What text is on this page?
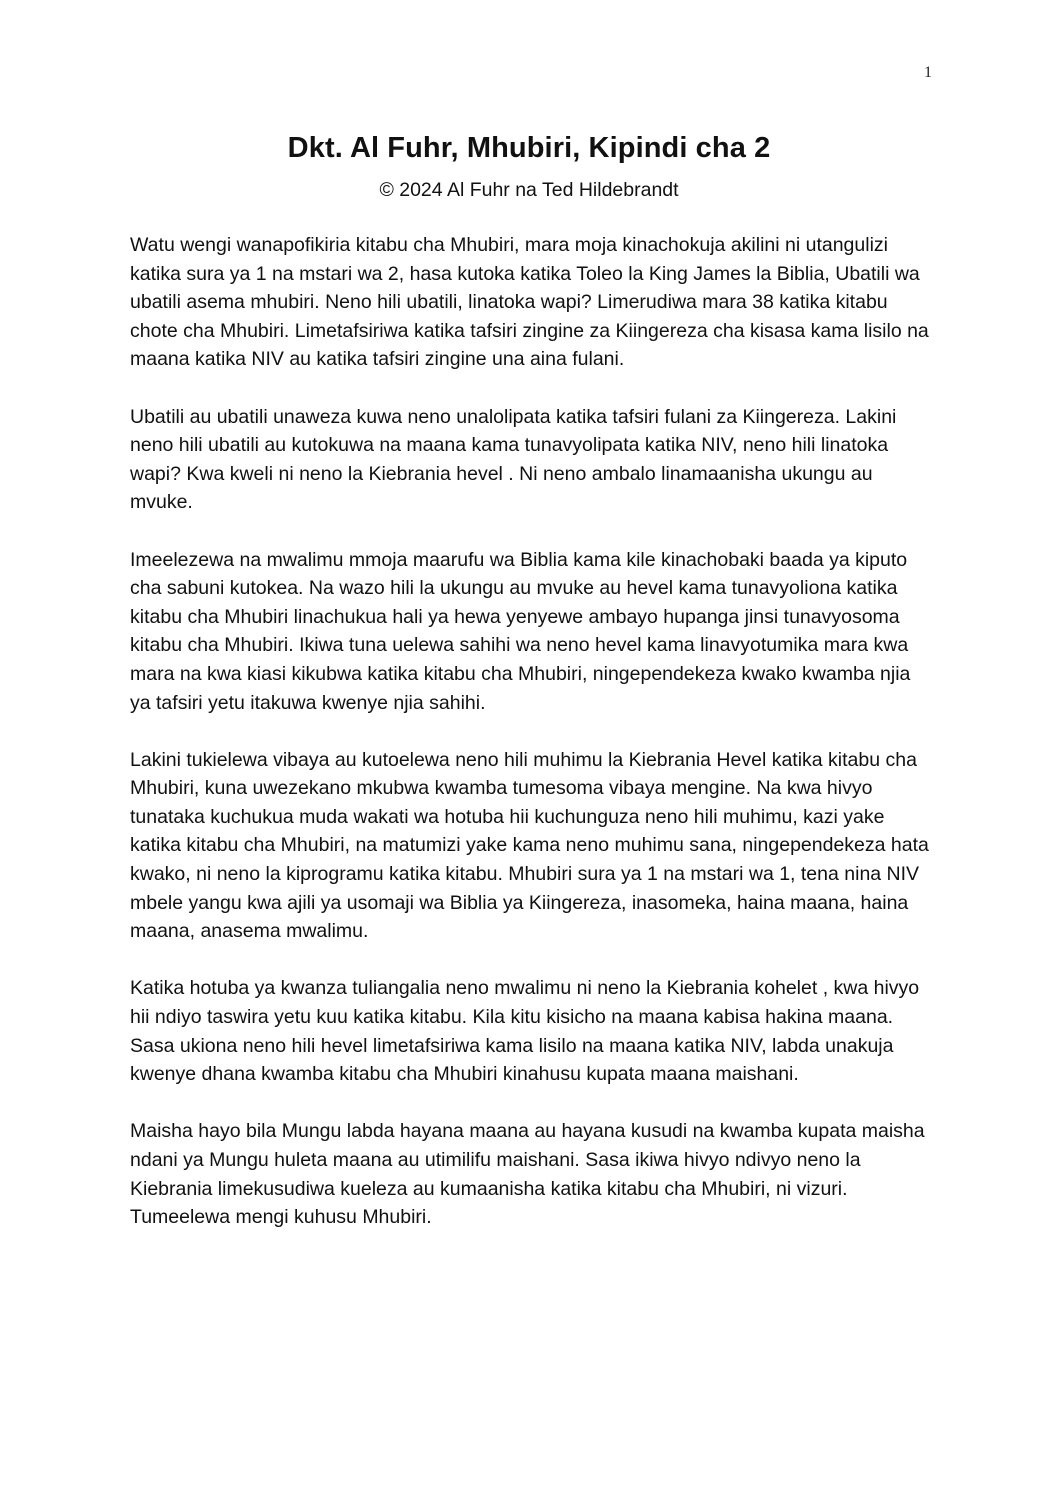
1
Dkt. Al Fuhr, Mhubiri, Kipindi cha 2
© 2024 Al Fuhr na Ted Hildebrandt

Watu wengi wanapofikiria kitabu cha Mhubiri, mara moja kinachokuja akilini ni utangulizi katika sura ya 1 na mstari wa 2, hasa kutoka katika Toleo la King James la Biblia, Ubatili wa ubatili asema mhubiri. Neno hili ubatili, linatoka wapi? Limerudiwa mara 38 katika kitabu chote cha Mhubiri. Limetafsiriwa katika tafsiri zingine za Kiingereza cha kisasa kama lisilo na maana katika NIV au katika tafsiri zingine una aina fulani.

Ubatili au ubatili unaweza kuwa neno unalolipata katika tafsiri fulani za Kiingereza. Lakini neno hili ubatili au kutokuwa na maana kama tunavyolipata katika NIV, neno hili linatoka wapi? Kwa kweli ni neno la Kiebrania hevel . Ni neno ambalo linamaanisha ukungu au mvuke.

Imeelezewa na mwalimu mmoja maarufu wa Biblia kama kile kinachobaki baada ya kiputo cha sabuni kutokea. Na wazo hili la ukungu au mvuke au hevel kama tunavyoliona katika kitabu cha Mhubiri linachukua hali ya hewa yenyewe ambayo hupanga jinsi tunavyosoma kitabu cha Mhubiri. Ikiwa tuna uelewa sahihi wa neno hevel kama linavyotumika mara kwa mara na kwa kiasi kikubwa katika kitabu cha Mhubiri, ningependekeza kwako kwamba njia ya tafsiri yetu itakuwa kwenye njia sahihi.

Lakini tukielewa vibaya au kutoelewa neno hili muhimu la Kiebrania Hevel katika kitabu cha Mhubiri, kuna uwezekano mkubwa kwamba tumesoma vibaya mengine. Na kwa hivyo tunataka kuchukua muda wakati wa hotuba hii kuchunguza neno hili muhimu, kazi yake katika kitabu cha Mhubiri, na matumizi yake kama neno muhimu sana, ningependekeza hata kwako, ni neno la kiprogramu katika kitabu. Mhubiri sura ya 1 na mstari wa 1, tena nina NIV mbele yangu kwa ajili ya usomaji wa Biblia ya Kiingereza, inasomeka, haina maana, haina maana, anasema mwalimu.

Katika hotuba ya kwanza tuliangalia neno mwalimu ni neno la Kiebrania kohelet , kwa hivyo hii ndiyo taswira yetu kuu katika kitabu. Kila kitu kisicho na maana kabisa hakina maana. Sasa ukiona neno hili hevel limetafsiriwa kama lisilo na maana katika NIV, labda unakuja kwenye dhana kwamba kitabu cha Mhubiri kinahusu kupata maana maishani.

Maisha hayo bila Mungu labda hayana maana au hayana kusudi na kwamba kupata maisha ndani ya Mungu huleta maana au utimilifu maishani. Sasa ikiwa hivyo ndivyo neno la Kiebrania limekusudiwa kueleza au kumaanisha katika kitabu cha Mhubiri, ni vizuri. Tumeelewa mengi kuhusu Mhubiri.
